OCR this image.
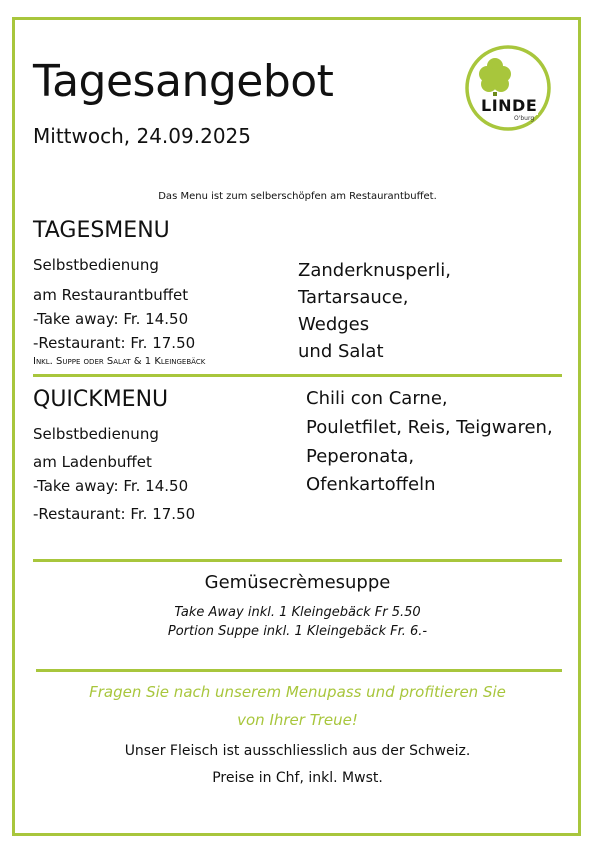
LINDE
O'burg
Tagesangebot
Mittwoch, 24.09.2025
Das Menu ist zum selberschöpfen am Restaurantbuffet.
TAGESMENU
Selbstbedienung
am Restaurantbuffet
-Take away: Fr. 14.50
-Restaurant: Fr. 17.50
Inkl. Suppe oder Salat & 1 Kleingebäck
Zanderknusperli,
Tartarsauce,
Wedges
und Salat
QUICKMENU
Selbstbedienung
am Ladenbuffet
-Take away: Fr. 14.50
-Restaurant: Fr. 17.50
Chili con Carne,
Pouletfilet, Reis, Teigwaren,
Peperonata,
Ofenkartoffeln
Gemüsecrèmesuppe
Take Away inkl. 1 Kleingebäck Fr 5.50
Portion Suppe inkl. 1 Kleingebäck Fr. 6.-
Fragen Sie nach unserem Menupass und profitieren Sie
von Ihrer Treue!
Unser Fleisch ist ausschliesslich aus der Schweiz.
Preise in Chf, inkl. Mwst.
